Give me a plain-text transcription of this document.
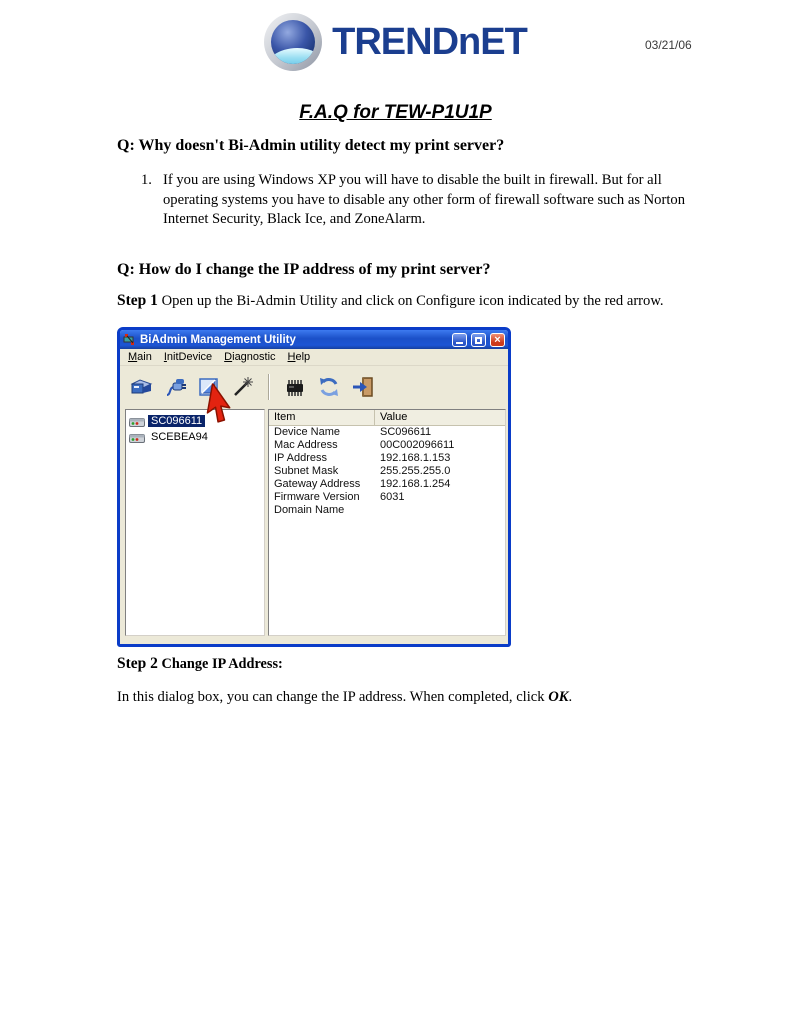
TRENDnET	03/21/06
F.A.Q for TEW-P1U1P
Q: Why doesn't Bi-Admin utility detect my print server?
1. If you are using Windows XP you will have to disable the built in firewall. But for all operating systems you have to disable any other form of firewall software such as Norton Internet Security, Black Ice, and ZoneAlarm.
Q: How do I change the IP address of my print server?
Step 1 Open up the Bi-Admin Utility and click on Configure icon indicated by the red arrow.
BiAdmin Management Utility	×
Main	InitDevice	Diagnostic	Help
SC096611
SCEBEA94
Item	Value
Device Name	SC096611
Mac Address	00C002096611
IP Address	192.168.1.153
Subnet Mask	255.255.255.0
Gateway Address	192.168.1.254
Firmware Version	6031
Domain Name
Step 2 Change IP Address:
In this dialog box, you can change the IP address. When completed, click OK.
